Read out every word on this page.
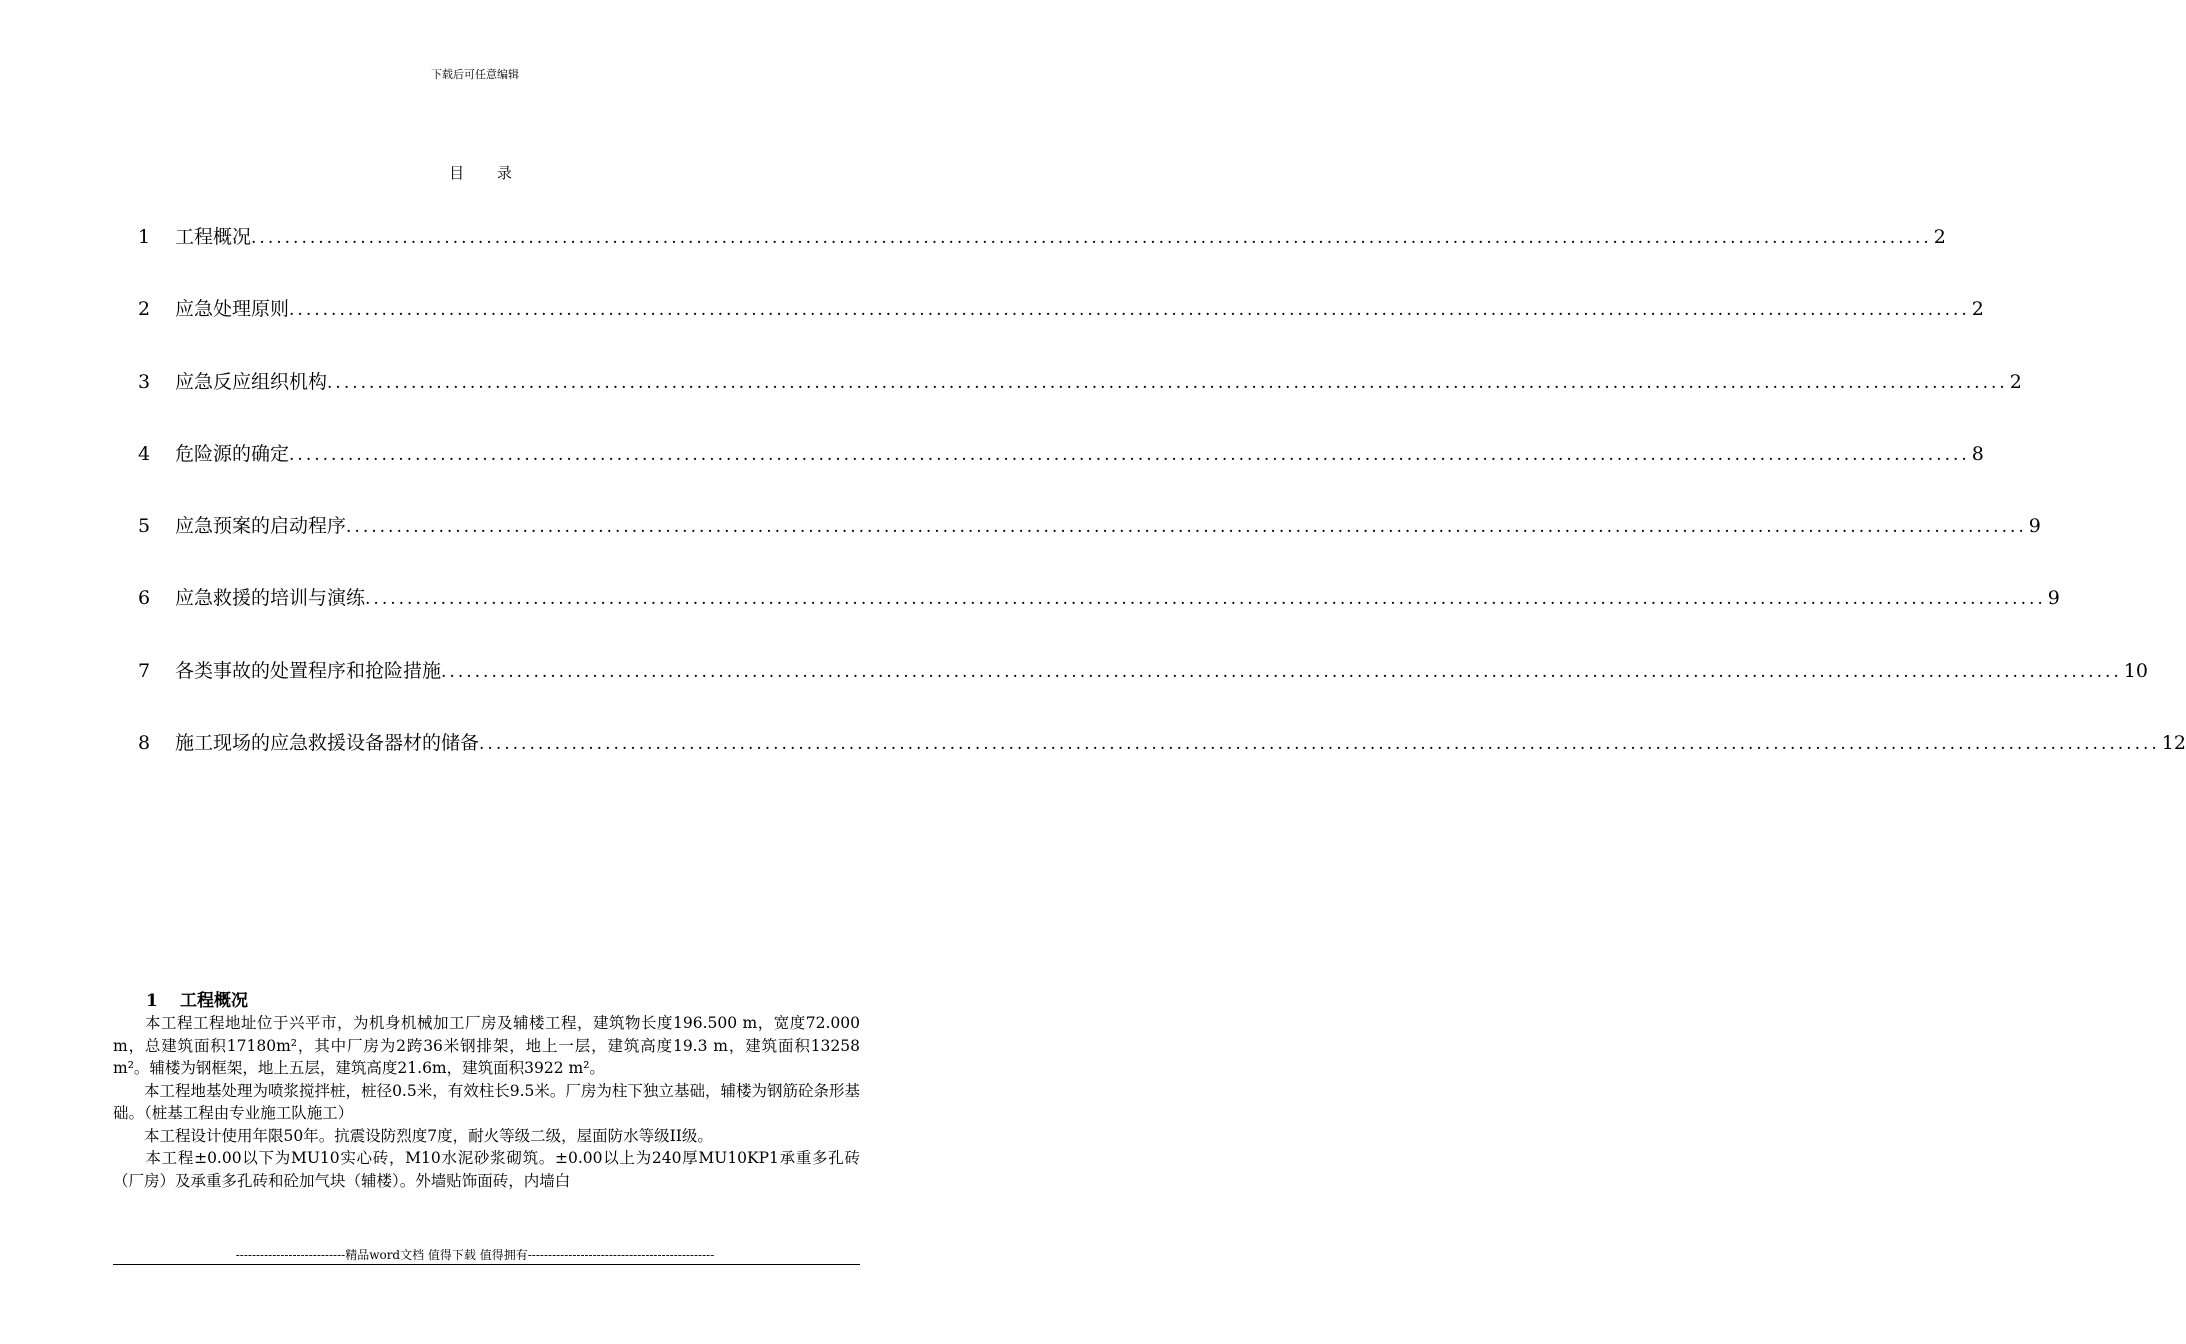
下载后可任意编辑
目 录
1	工程概况 ........................................................................................................................................................................................................ 2
2	应急处理原则 ........................................................................................................................................................................................................ 2
3	应急反应组织机构 ........................................................................................................................................................................................................ 2
4	危险源的确定 ........................................................................................................................................................................................................ 8
5	应急预案的启动程序 ........................................................................................................................................................................................................ 9
6	应急救援的培训与演练 ........................................................................................................................................................................................................ 9
7	各类事故的处置程序和抢险措施 ........................................................................................................................................................................................................ 10
8	施工现场的应急救援设备器材的储备 ........................................................................................................................................................................................................ 12
1 工程概况

　　本工程工程地址位于兴平市，为机身机械加工厂房及辅楼工程，建筑物长度196.500 m，宽度72.000 m，总建筑面积17180m²，其中厂房为2跨36米钢排架，地上一层，建筑高度19.3 m，建筑面积13258 m²。辅楼为钢框架，地上五层，建筑高度21.6m，建筑面积3922 m²。

　　本工程地基处理为喷浆搅拌桩，桩径0.5米，有效柱长9.5米。厂房为柱下独立基础，辅楼为钢筋砼条形基础。（桩基工程由专业施工队施工）

　　本工程设计使用年限50年。抗震设防烈度7度，耐火等级二级，屋面防水等级II级。

　　本工程±0.00以下为MU10实心砖，M10水泥砂浆砌筑。±0.00以上为240厚MU10KP1承重多孔砖（厂房）及承重多孔砖和砼加气块（辅楼）。外墙贴饰面砖，内墙白

---------------------------精品word文档 值得下载 值得拥有----------------------------------------------
